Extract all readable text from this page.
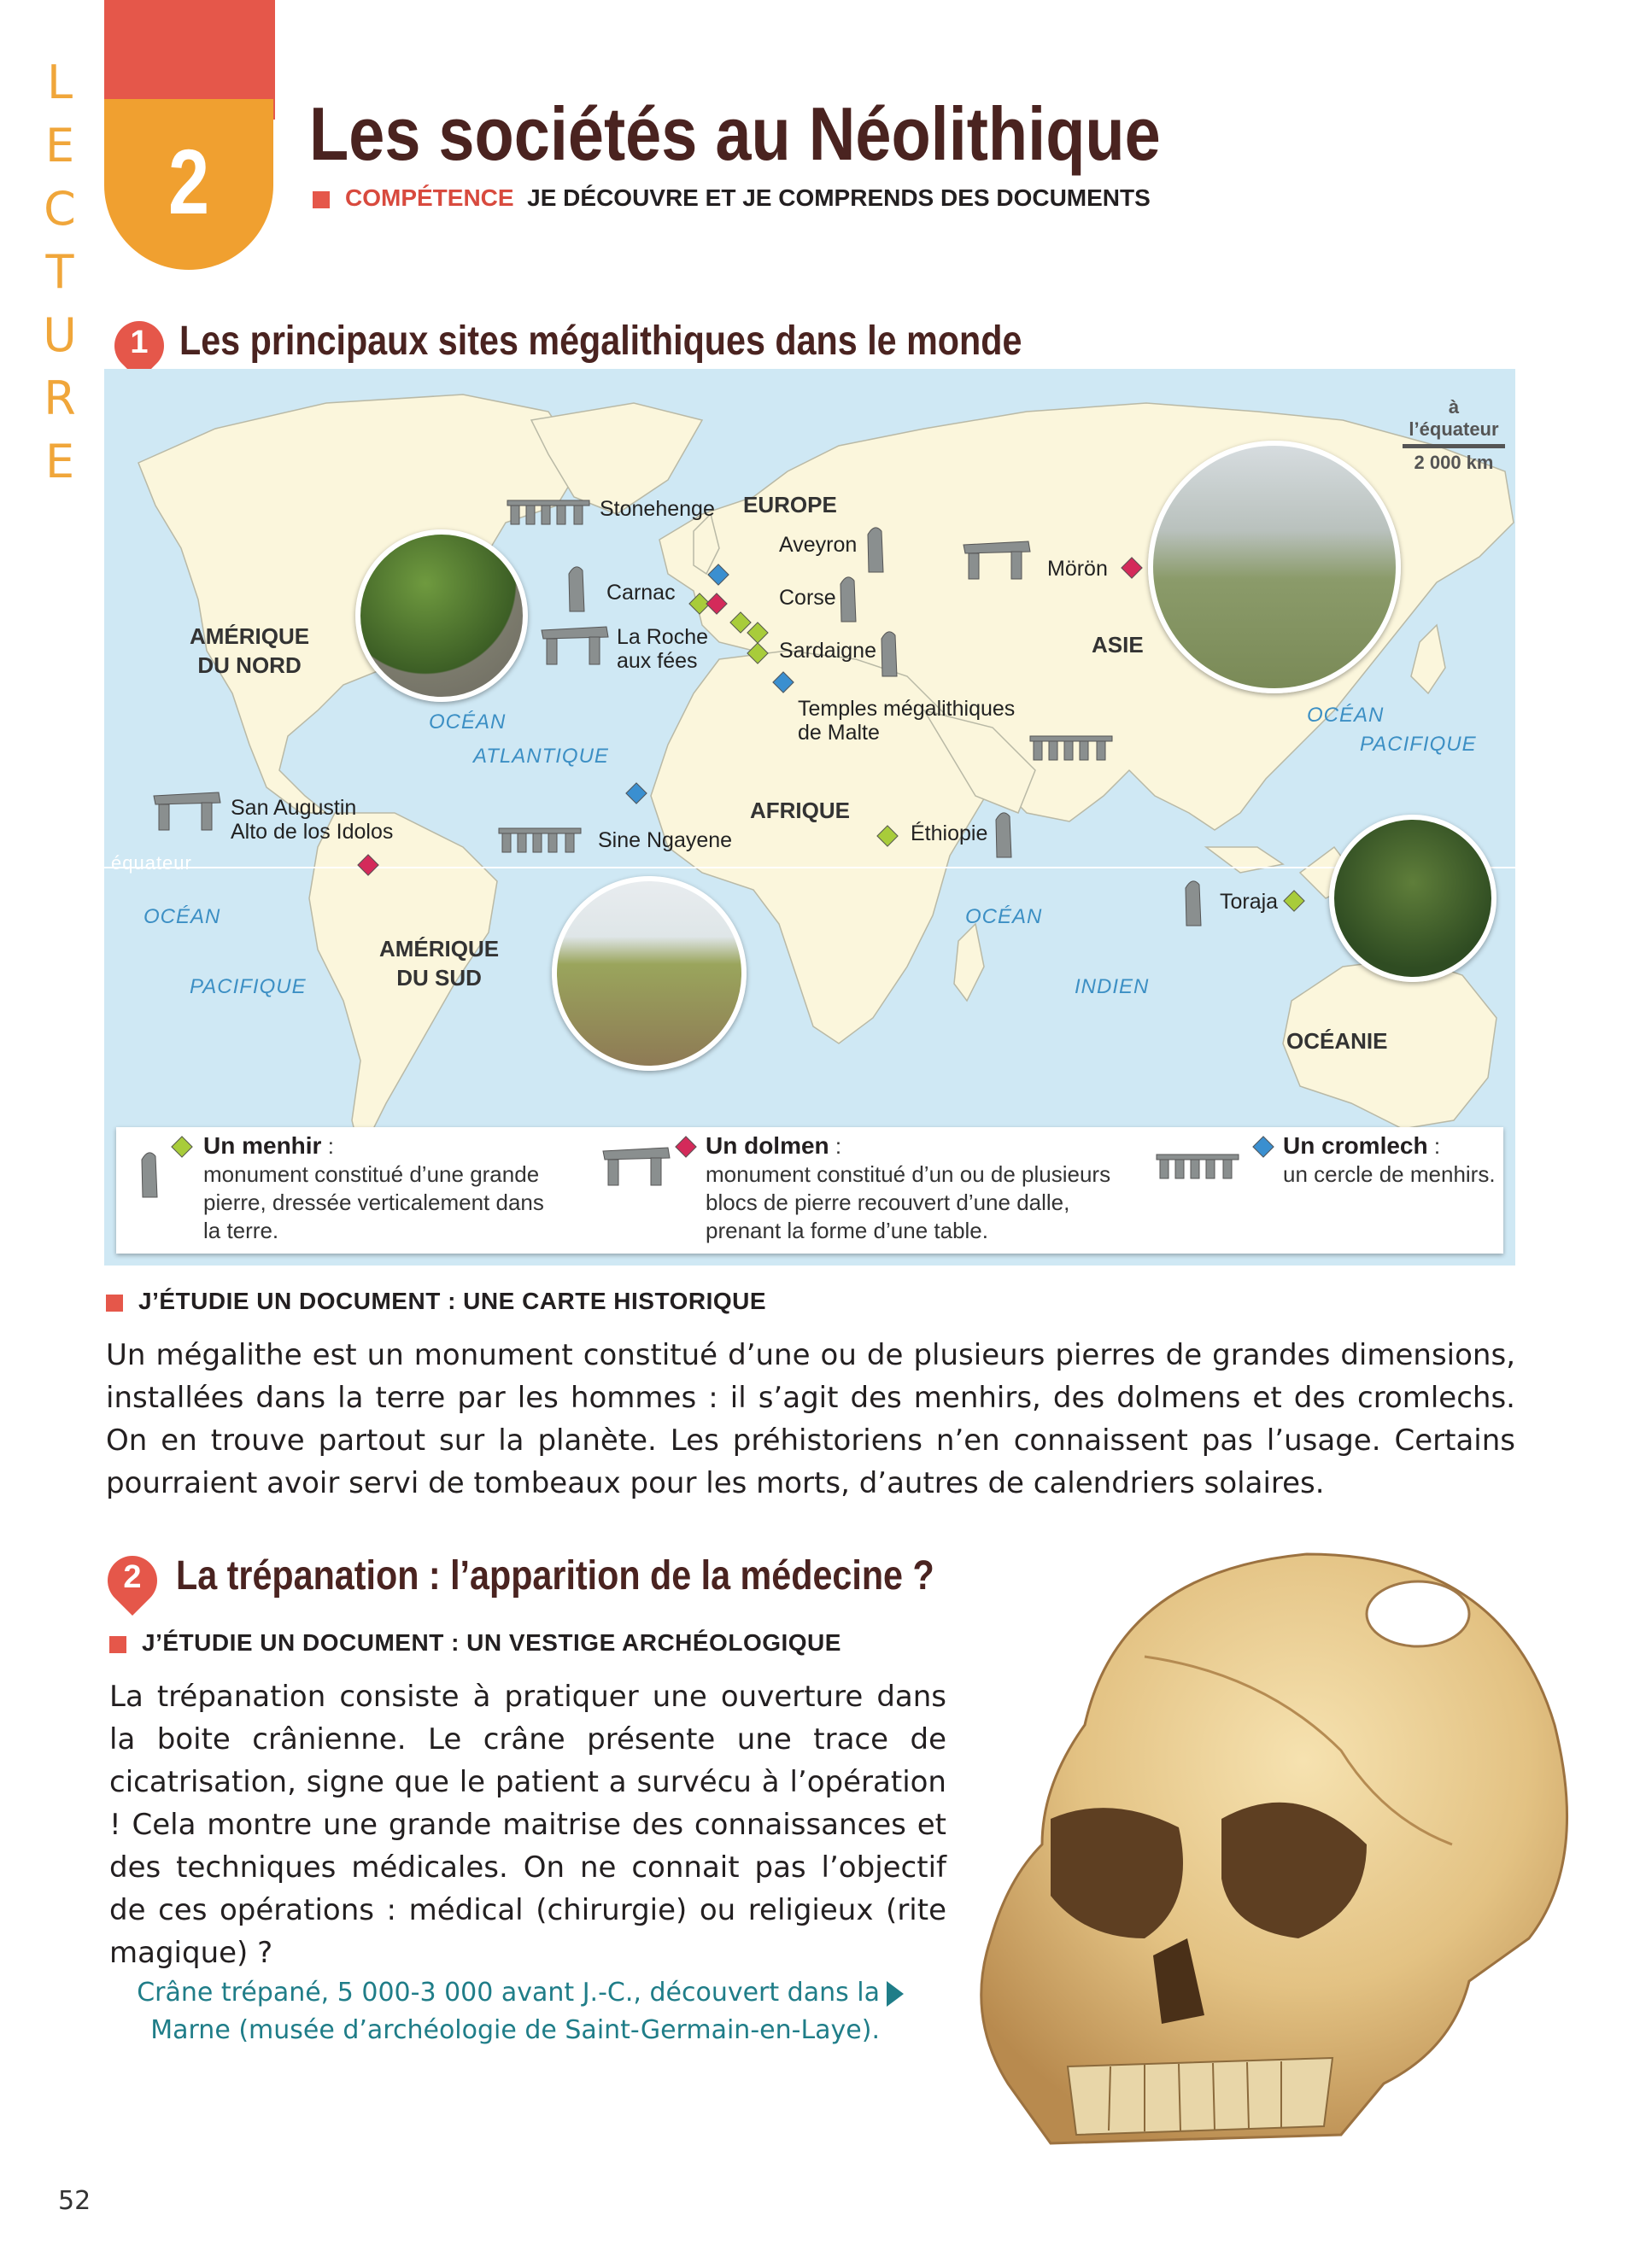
L
E
C
T
U
R
E
2	Les sociétés au Néolithique
COMPÉTENCE JE DÉCOUVRE ET JE COMPRENDS DES DOCUMENTS
1 Les principaux sites mégalithiques dans le monde
à l’équateur
2 000 km
AMÉRIQUE
DU NORD
AMÉRIQUE
DU SUD
EUROPE
AFRIQUE
ASIE
OCÉANIE
OCÉAN
ATLANTIQUE
OCÉAN
PACIFIQUE
OCÉAN
PACIFIQUE
OCÉAN
INDIEN
équateur
Stonehenge
Aveyron
Carnac	Corse
La Roche
aux fées	Sardaigne
Temples mégalithiques
de Malte
Mörön
San Augustin
Alto de los Idolos	Sine Ngayene	Éthiopie
Toraja
Un menhir :
monument constitué d’une grande pierre, dressée verticalement dans la terre.
Un dolmen :
monument constitué d’un ou de plusieurs blocs de pierre recouvert d’une dalle, prenant la forme d’une table.
Un cromlech :
un cercle de menhirs.
J’ÉTUDIE UN DOCUMENT : UNE CARTE HISTORIQUE
Un mégalithe est un monument constitué d’une ou de plusieurs pierres de grandes dimensions, installées dans la terre par les hommes : il s’agit des menhirs, des dolmens et des cromlechs. On en trouve partout sur la planète. Les préhistoriens n’en connaissent pas l’usage. Certains pourraient avoir servi de tombeaux pour les morts, d’autres de calendriers solaires.
2 La trépanation : l’apparition de la médecine ?
J’ÉTUDIE UN DOCUMENT : UN VESTIGE ARCHÉOLOGIQUE
La trépanation consiste à pratiquer une ouverture dans la boite crânienne. Le crâne présente une trace de cicatrisation, signe que le patient a survécu à l’opération ! Cela montre une grande maitrise des connaissances et des techniques médicales. On ne connait pas l’objectif de ces opérations : médical (chirurgie) ou religieux (rite magique) ?
Crâne trépané, 5 000-3 000 avant J.-C., découvert dans la
Marne (musée d’archéologie de Saint-Germain-en-Laye).
52
